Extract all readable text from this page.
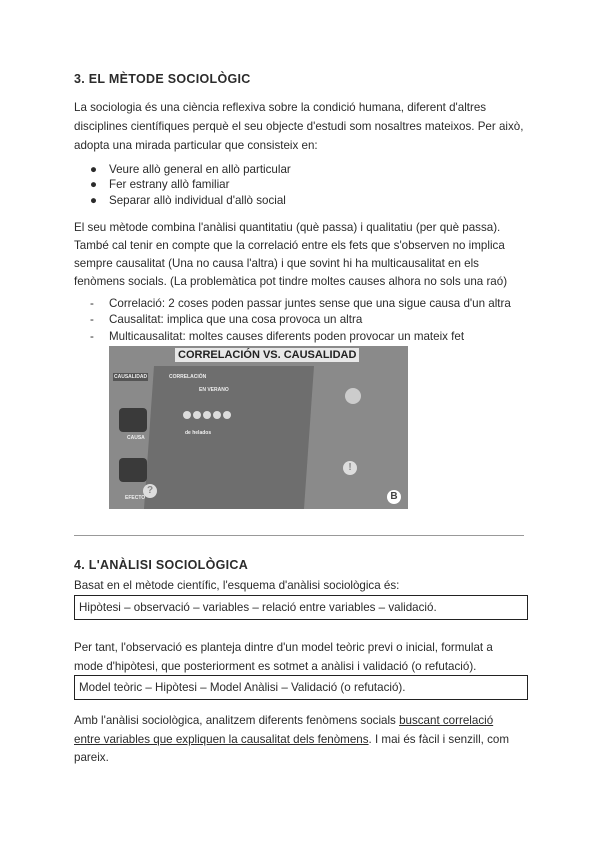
3. EL MÈTODE SOCIOLÒGIC
La sociologia és una ciència reflexiva sobre la condició humana, diferent d'altres
disciplines científiques perquè el seu objecte d'estudi som nosaltres mateixos. Per això,
adopta una mirada particular que consisteix en:
● Veure allò general en allò particular
● Fer estrany allò familiar
● Separar allò individual d'allò social
El seu mètode combina l'anàlisi quantitatiu (què passa) i qualitatiu (per què passa).
També cal tenir en compte que la correlació entre els fets que s'observen no implica
sempre causalitat (Una no causa l'altra) i que sovint hi ha multicausalitat en els
fenòmens socials. (La problemàtica pot tindre moltes causes alhora no sols una raó)
- Correlació: 2 coses poden passar juntes sense que una sigue causa d'un altra
- Causalitat: implica que una cosa provoca un altra
- Multicausalitat: moltes causes diferents poden provocar un mateix fet
CORRELACIÓN VS. CAUSALIDAD
CAUSALIDAD	CORRELACIÓN
EN VERANO
CAUSA
EFECTO
de helados
?
!
B
4. L'ANÀLISI SOCIOLÒGICA
Basat en el mètode científic, l'esquema d'anàlisi sociològica és:
Hipòtesi – observació – variables – relació entre variables – validació.
Per tant, l'observació es planteja dintre d'un model teòric previ o inicial, formulat a
mode d'hipòtesi, que posteriorment es sotmet a anàlisi i validació (o refutació).
Model teòric – Hipòtesi – Model Anàlisi – Validació (o refutació).
Amb l'anàlisi sociològica, analitzem diferents fenòmens socials buscant correlació
entre variables que expliquen la causalitat dels fenòmens. I mai és fàcil i senzill, com
pareix.
